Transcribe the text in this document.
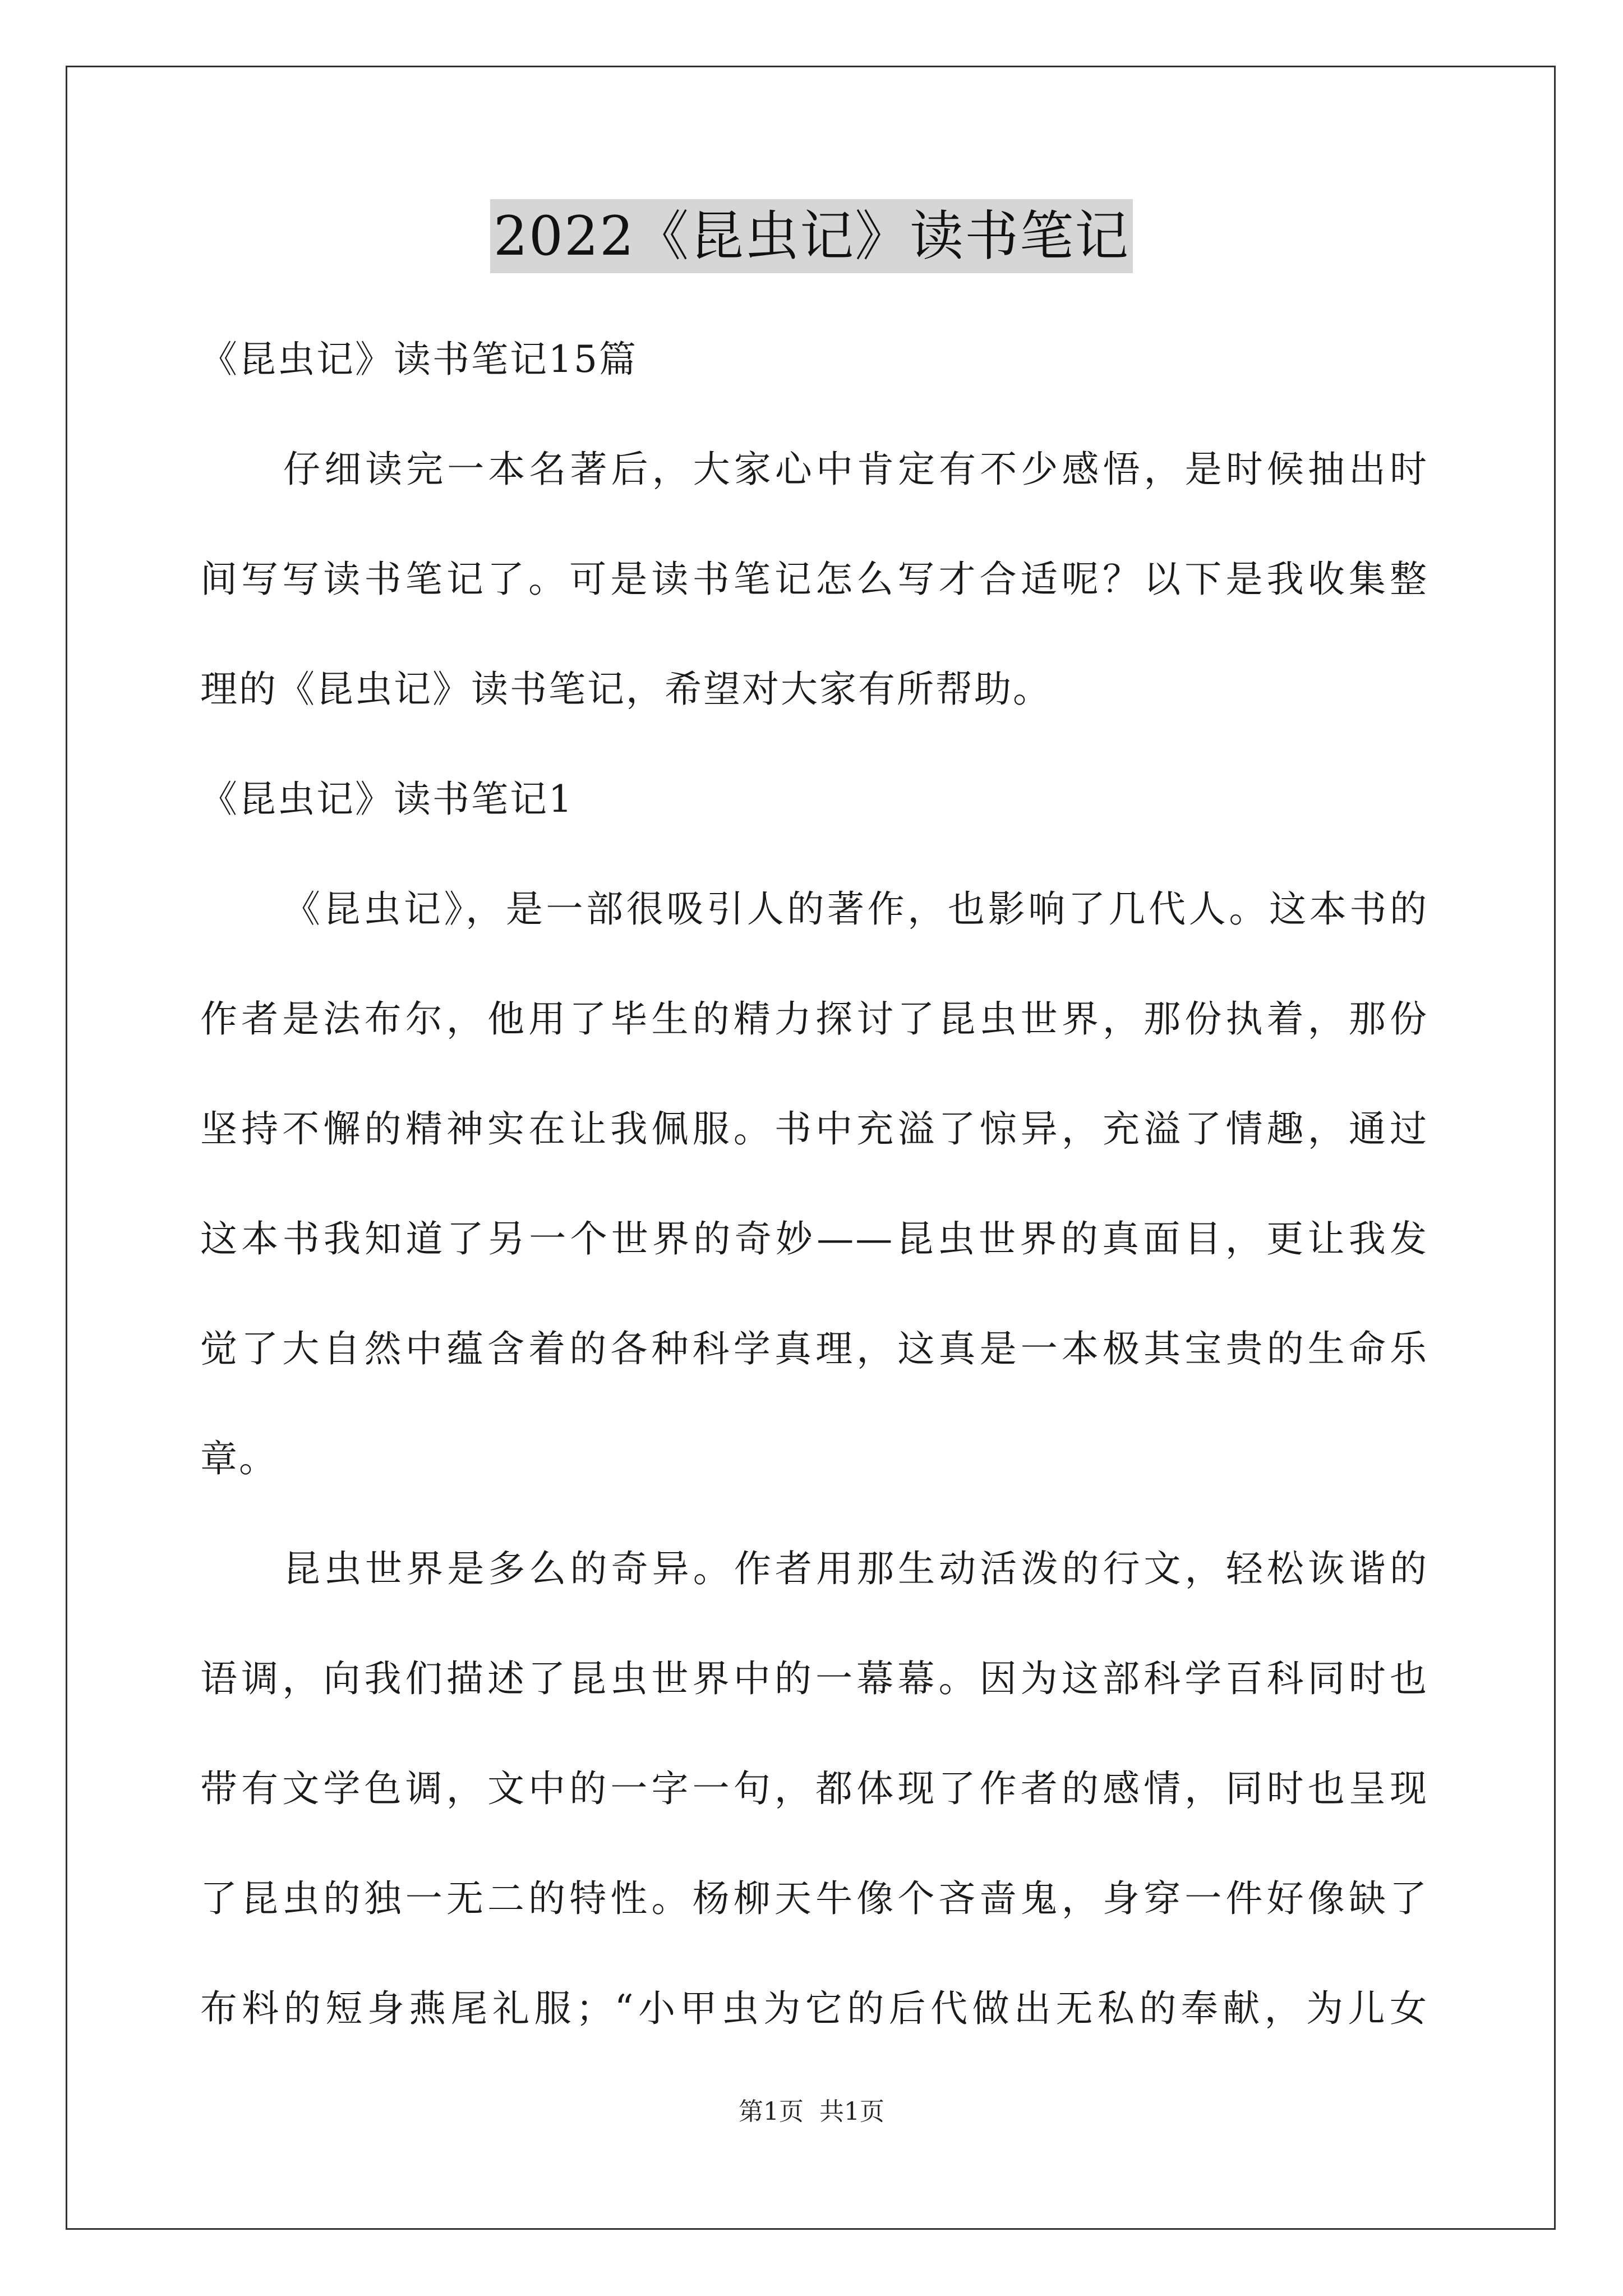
2022《昆虫记》读书笔记
《昆虫记》读书笔记15篇
仔细读完一本名著后，大家心中肯定有不少感悟，是时候抽出时
间写写读书笔记了。可是读书笔记怎么写才合适呢？以下是我收集整
理的《昆虫记》读书笔记，希望对大家有所帮助。
《昆虫记》读书笔记1
《昆虫记》，是一部很吸引人的著作，也影响了几代人。这本书的
作者是法布尔，他用了毕生的精力探讨了昆虫世界，那份执着，那份
坚持不懈的精神实在让我佩服。书中充溢了惊异，充溢了情趣，通过
这本书我知道了另一个世界的奇妙——昆虫世界的真面目，更让我发
觉了大自然中蕴含着的各种科学真理，这真是一本极其宝贵的生命乐
章。
昆虫世界是多么的奇异。作者用那生动活泼的行文，轻松诙谐的
语调，向我们描述了昆虫世界中的一幕幕。因为这部科学百科同时也
带有文学色调，文中的一字一句，都体现了作者的感情，同时也呈现
了昆虫的独一无二的特性。杨柳天牛像个吝啬鬼，身穿一件好像缺了
布料的短身燕尾礼服；“小甲虫为它的后代做出无私的奉献，为儿女
第1页 共1页
